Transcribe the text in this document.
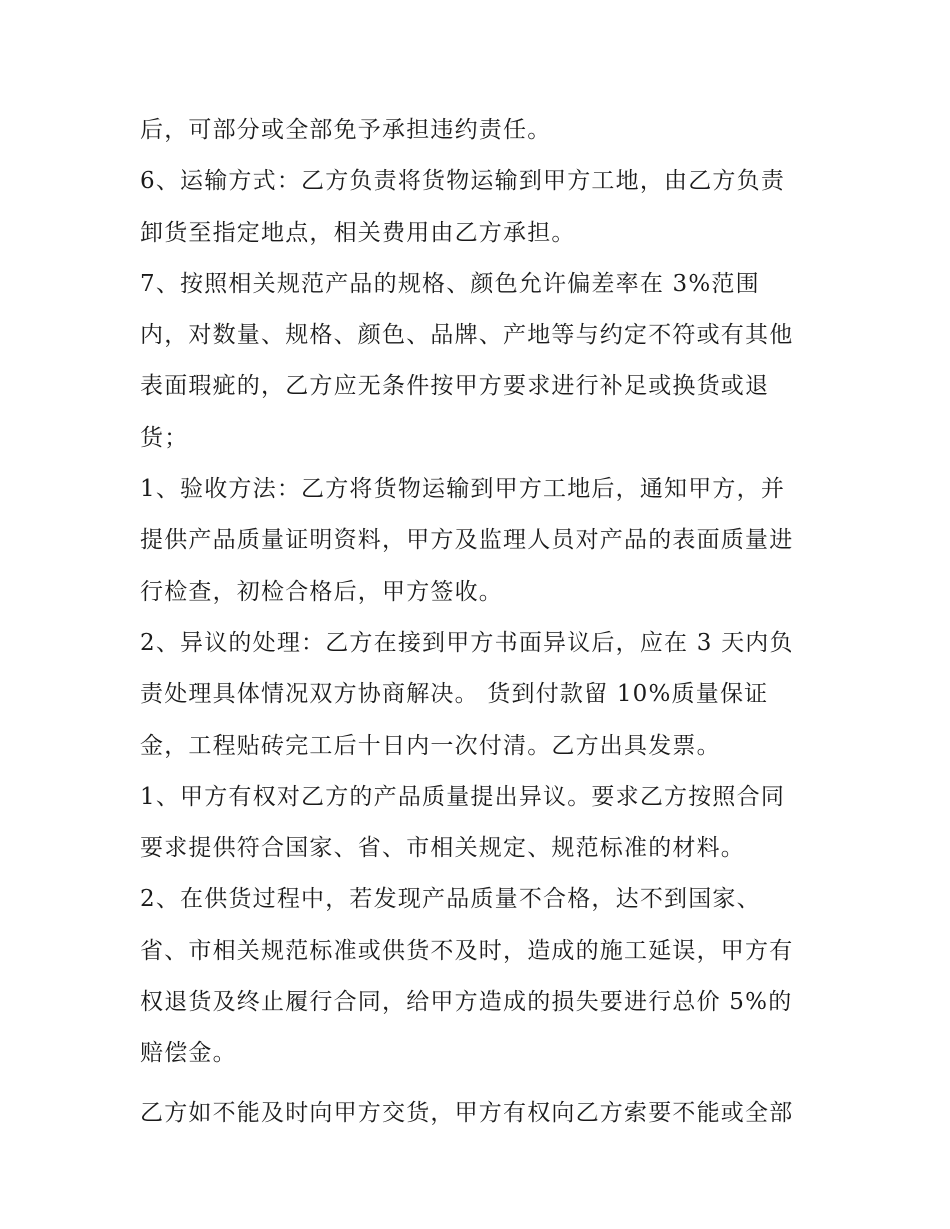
后，可部分或全部免予承担违约责任。

6、运输方式：乙方负责将货物运输到甲方工地，由乙方负责

卸货至指定地点，相关费用由乙方承担。

7、按照相关规范产品的规格、颜色允许偏差率在 3%范围

内，对数量、规格、颜色、品牌、产地等与约定不符或有其他

表面瑕疵的，乙方应无条件按甲方要求进行补足或换货或退

货；

1、验收方法：乙方将货物运输到甲方工地后，通知甲方，并

提供产品质量证明资料，甲方及监理人员对产品的表面质量进

行检查，初检合格后，甲方签收。

2、异议的处理：乙方在接到甲方书面异议后，应在 3 天内负

责处理具体情况双方协商解决。 货到付款留 10%质量保证

金，工程贴砖完工后十日内一次付清。乙方出具发票。

1、甲方有权对乙方的产品质量提出异议。要求乙方按照合同

要求提供符合国家、省、市相关规定、规范标准的材料。

2、在供货过程中，若发现产品质量不合格，达不到国家、

省、市相关规范标准或供货不及时，造成的施工延误，甲方有

权退货及终止履行合同，给甲方造成的损失要进行总价 5%的

赔偿金。

乙方如不能及时向甲方交货，甲方有权向乙方索要不能或全部
